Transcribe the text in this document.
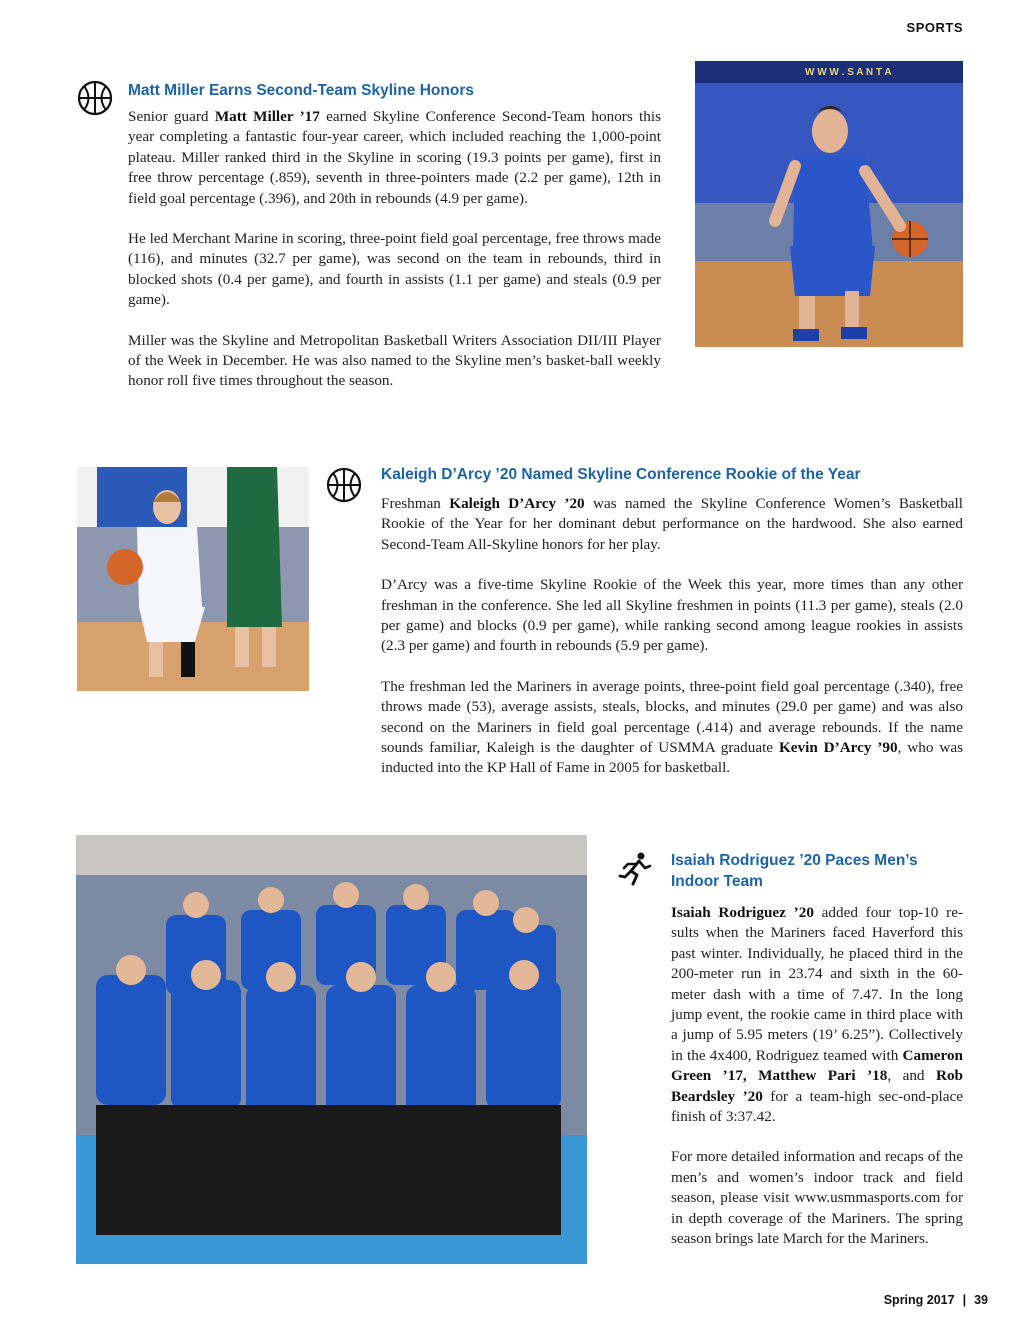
SPORTS
Matt Miller Earns Second-Team Skyline Honors

Senior guard Matt Miller ’17 earned Skyline Conference Second-Team honors this year completing a fantastic four-year career, which included reaching the 1,000-point plateau. Miller ranked third in the Skyline in scoring (19.3 points per game), first in free throw percentage (.859), seventh in three-pointers made (2.2 per game), 12th in field goal percentage (.396), and 20th in rebounds (4.9 per game).

He led Merchant Marine in scoring, three-point field goal percentage, free throws made (116), and minutes (32.7 per game), was second on the team in rebounds, third in blocked shots (0.4 per game), and fourth in assists (1.1 per game) and steals (0.9 per game).

Miller was the Skyline and Metropolitan Basketball Writers Association DII/III Player of the Week in December. He was also named to the Skyline men’s basket-ball weekly honor roll five times throughout the season.

W W W . S A N T A
Kaleigh D’Arcy ’20 Named Skyline Conference Rookie of the Year

Freshman Kaleigh D’Arcy ’20 was named the Skyline Conference Women’s Basketball Rookie of the Year for her dominant debut performance on the hardwood. She also earned Second-Team All-Skyline honors for her play.

D’Arcy was a five-time Skyline Rookie of the Week this year, more times than any other freshman in the conference. She led all Skyline freshmen in points (11.3 per game), steals (2.0 per game) and blocks (0.9 per game), while ranking second among league rookies in assists (2.3 per game) and fourth in rebounds (5.9 per game).

The freshman led the Mariners in average points, three-point field goal percentage (.340), free throws made (53), average assists, steals, blocks, and minutes (29.0 per game) and was also second on the Mariners in field goal percentage (.414) and average rebounds. If the name sounds familiar, Kaleigh is the daughter of USMMA graduate Kevin D’Arcy ’90, who was inducted into the KP Hall of Fame in 2005 for basketball.

Isaiah Rodriguez ’20 Paces Men’s Indoor Team

Isaiah Rodriguez ’20 added four top-10 re-sults when the Mariners faced Haverford this past winter. Individually, he placed third in the 200-meter run in 23.74 and sixth in the 60-meter dash with a time of 7.47. In the long jump event, the rookie came in third place with a jump of 5.95 meters (19’ 6.25”). Collectively in the 4x400, Rodriguez teamed with Cameron Green ’17, Matthew Pari ’18, and Rob Beardsley ’20 for a team-high sec-ond-place finish of 3:37.42.

For more detailed information and recaps of the men’s and women’s indoor track and field season, please visit www.usmmasports.com for in depth coverage of the Mariners. The spring season brings late March for the Mariners.

Spring 2017 | 39
